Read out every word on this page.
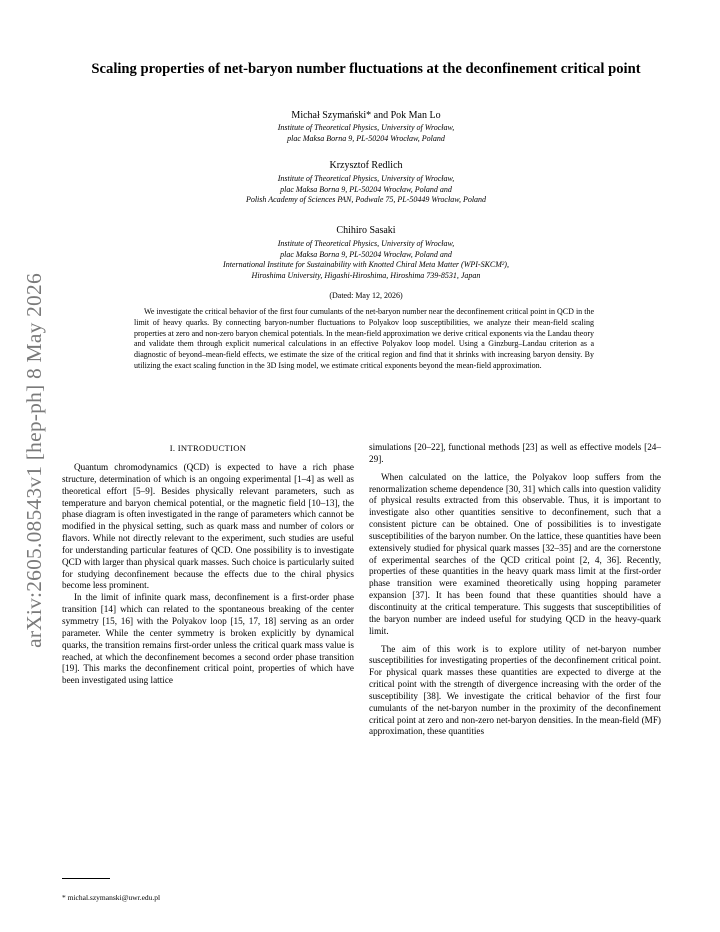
arXiv:2605.08543v1 [hep-ph] 8 May 2026
Scaling properties of net-baryon number fluctuations at the deconfinement critical point
Michał Szymański* and Pok Man Lo
Institute of Theoretical Physics, University of Wrocław,
plac Maksa Borna 9, PL-50204 Wrocław, Poland
Krzysztof Redlich
Institute of Theoretical Physics, University of Wrocław,
plac Maksa Borna 9, PL-50204 Wrocław, Poland and
Polish Academy of Sciences PAN, Podwale 75, PL-50449 Wrocław, Poland
Chihiro Sasaki
Institute of Theoretical Physics, University of Wrocław,
plac Maksa Borna 9, PL-50204 Wrocław, Poland and
International Institute for Sustainability with Knotted Chiral Meta Matter (WPI-SKCM²),
Hiroshima University, Higashi-Hiroshima, Hiroshima 739-8531, Japan
(Dated: May 12, 2026)

We investigate the critical behavior of the first four cumulants of the net-baryon number near the deconfinement critical point in QCD in the limit of heavy quarks. By connecting baryon-number fluctuations to Polyakov loop susceptibilities, we analyze their mean-field scaling properties at zero and non-zero baryon chemical potentials. In the mean-field approximation we derive critical exponents via the Landau theory and validate them through explicit numerical calculations in an effective Polyakov loop model. Using a Ginzburg–Landau criterion as a diagnostic of beyond–mean-field effects, we estimate the size of the critical region and find that it shrinks with increasing baryon density. By utilizing the exact scaling function in the 3D Ising model, we estimate critical exponents beyond the mean-field approximation.

I. INTRODUCTION

Quantum chromodynamics (QCD) is expected to have a rich phase structure, determination of which is an ongoing experimental [1–4] as well as theoretical effort [5–9]. Besides physically relevant parameters, such as temperature and baryon chemical potential, or the magnetic field [10–13], the phase diagram is often investigated in the range of parameters which cannot be modified in the physical setting, such as quark mass and number of colors or flavors. While not directly relevant to the experiment, such studies are useful for understanding particular features of QCD. One possibility is to investigate QCD with larger than physical quark masses. Such choice is particularly suited for studying deconfinement because the effects due to the chiral physics become less prominent.

In the limit of infinite quark mass, deconfinement is a first-order phase transition [14] which can related to the spontaneous breaking of the center symmetry [15, 16] with the Polyakov loop [15, 17, 18] serving as an order parameter. While the center symmetry is broken explicitly by dynamical quarks, the transition remains first-order unless the critical quark mass value is reached, at which the deconfinement becomes a second order phase transition [19]. This marks the deconfinement critical point, properties of which have been investigated using lattice

simulations [20–22], functional methods [23] as well as effective models [24–29].

When calculated on the lattice, the Polyakov loop suffers from the renormalization scheme dependence [30, 31] which calls into question validity of physical results extracted from this observable. Thus, it is important to investigate also other quantities sensitive to deconfinement, such that a consistent picture can be obtained. One of possibilities is to investigate susceptibilities of the baryon number. On the lattice, these quantities have been extensively studied for physical quark masses [32–35] and are the cornerstone of experimental searches of the QCD critical point [2, 4, 36]. Recently, properties of these quantities in the heavy quark mass limit at the first-order phase transition were examined theoretically using hopping parameter expansion [37]. It has been found that these quantities should have a discontinuity at the critical temperature. This suggests that susceptibilities of the baryon number are indeed useful for studying QCD in the heavy-quark limit.

The aim of this work is to explore utility of net-baryon number susceptibilities for investigating properties of the deconfinement critical point. For physical quark masses these quantities are expected to diverge at the critical point with the strength of divergence increasing with the order of the susceptibility [38]. We investigate the critical behavior of the first four cumulants of the net-baryon number in the proximity of the deconfinement critical point at zero and non-zero net-baryon densities. In the mean-field (MF) approximation, these quantities

* michal.szymanski@uwr.edu.pl
